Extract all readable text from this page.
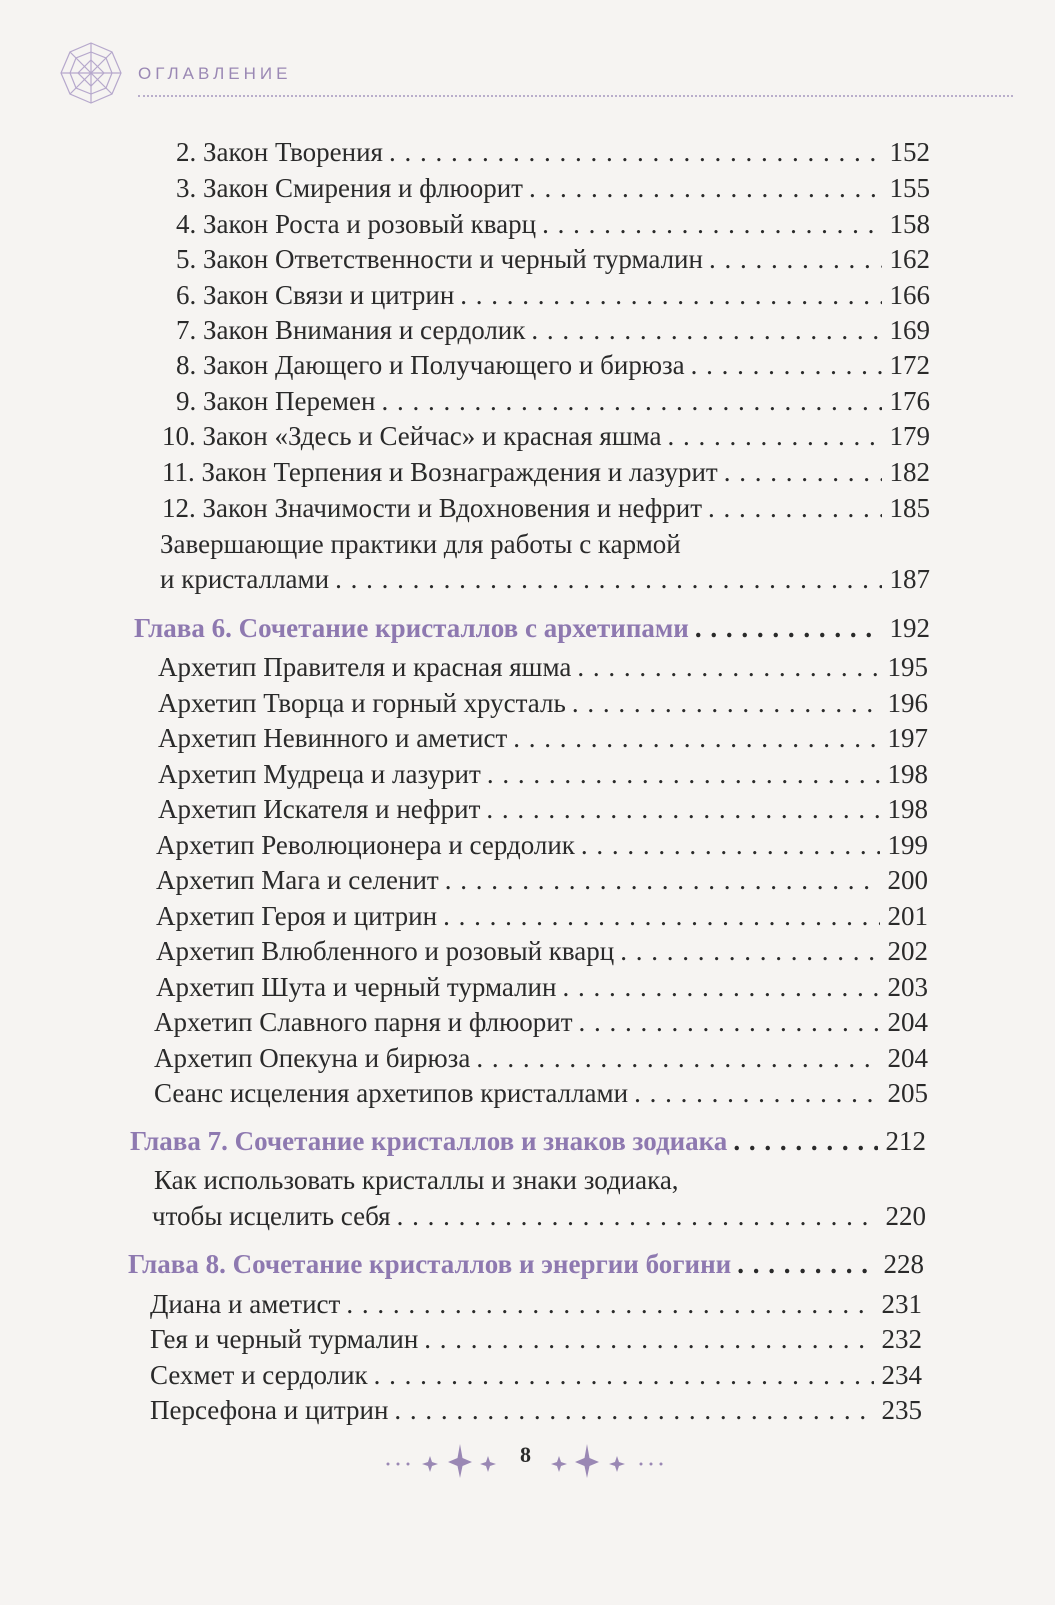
ОГЛАВЛЕНИЕ
2. Закон Творения . . .	152
3. Закон Смирения и флюорит . . .	155
4. Закон Роста и розовый кварц . . .	158
5. Закон Ответственности и черный турмалин . . .	162
6. Закон Связи и цитрин . . .	166
7. Закон Внимания и сердолик . . .	169
8. Закон Дающего и Получающего и бирюза . . .	172
9. Закон Перемен . . .	176
10. Закон «Здесь и Сейчас» и красная яшма . . .	179
11. Закон Терпения и Вознаграждения и лазурит . . .	182
12. Закон Значимости и Вдохновения и нефрит . . .	185
Завершающие практики для работы с кармой
и кристаллами . . .	187
Глава 6. Сочетание кристаллов с архетипами . . .	192
Архетип Правителя и красная яшма . . .	195
Архетип Творца и горный хрусталь . . .	196
Архетип Невинного и аметист . . .	197
Архетип Мудреца и лазурит . . .	198
Архетип Искателя и нефрит . . .	198
Архетип Революционера и сердолик . . .	199
Архетип Мага и селенит . . .	200
Архетип Героя и цитрин . . .	201
Архетип Влюбленного и розовый кварц . . .	202
Архетип Шута и черный турмалин . . .	203
Архетип Славного парня и флюорит . . .	204
Архетип Опекуна и бирюза . . .	204
Сеанс исцеления архетипов кристаллами . . .	205
Глава 7. Сочетание кристаллов и знаков зодиака . . .	212
Как использовать кристаллы и знаки зодиака,
чтобы исцелить себя . . .	220
Глава 8. Сочетание кристаллов и энергии богини . . .	228
Диана и аметист . . .	231
Гея и черный турмалин . . .	232
Сехмет и сердолик . . .	234
Персефона и цитрин . . .	235
8
